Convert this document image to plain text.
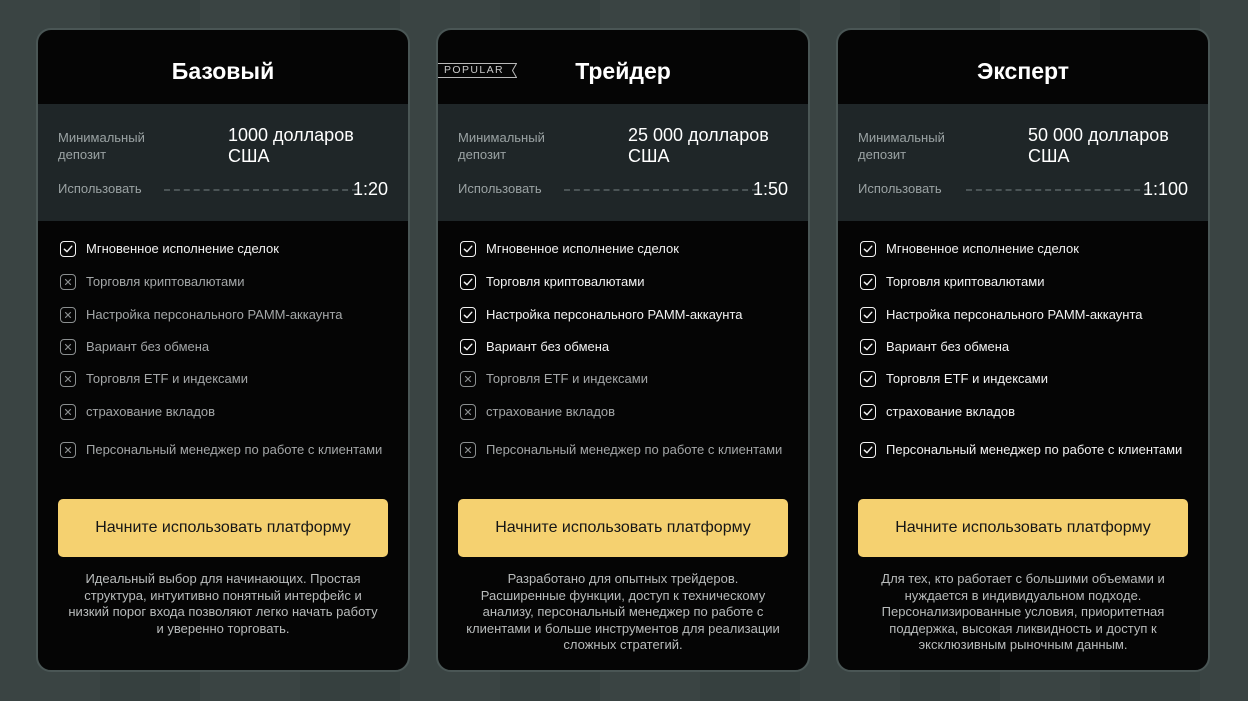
Базовый
Минимальный депозит
1000 долларов США
Использовать	1:20
Мгновенное исполнение сделок
Торговля криптовалютами
Настройка персонального PAMM-аккаунта
Вариант без обмена
Торговля ETF и индексами
страхование вкладов
Персональный менеджер по работе с клиентами
Начните использовать платформу
Идеальный выбор для начинающих. Простая структура, интуитивно понятный интерфейс и низкий порог входа позволяют легко начать работу и уверенно торговать.
POPULAR	Трейдер
Минимальный депозит
25 000 долларов США
Использовать	1:50
Мгновенное исполнение сделок
Торговля криптовалютами
Настройка персонального PAMM-аккаунта
Вариант без обмена
Торговля ETF и индексами
страхование вкладов
Персональный менеджер по работе с клиентами
Начните использовать платформу
Разработано для опытных трейдеров. Расширенные функции, доступ к техническому анализу, персональный менеджер по работе с клиентами и больше инструментов для реализации сложных стратегий.
Эксперт
Минимальный депозит
50 000 долларов США
Использовать	1:100
Мгновенное исполнение сделок
Торговля криптовалютами
Настройка персонального PAMM-аккаунта
Вариант без обмена
Торговля ETF и индексами
страхование вкладов
Персональный менеджер по работе с клиентами
Начните использовать платформу
Для тех, кто работает с большими объемами и нуждается в индивидуальном подходе. Персонализированные условия, приоритетная поддержка, высокая ликвидность и доступ к эксклюзивным рыночным данным.
